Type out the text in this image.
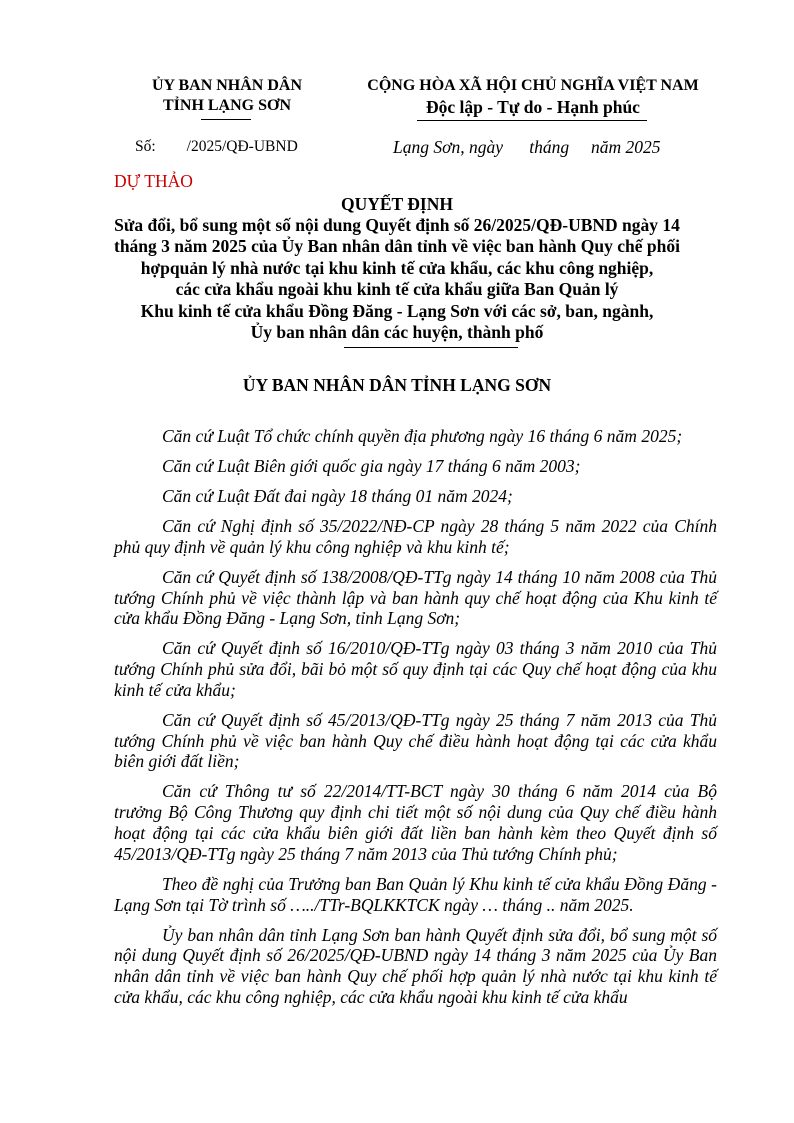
ỦY BAN NHÂN DÂN
TỈNH LẠNG SƠN
CỘNG HÒA XÃ HỘI CHỦ NGHĨA VIỆT NAM
Độc lập - Tự do - Hạnh phúc
Số:        /2025/QĐ-UBND	Lạng Sơn, ngày      tháng     năm 2025
DỰ THẢO
QUYẾT ĐỊNH
Sửa đổi, bổ sung một số nội dung Quyết định số 26/2025/QĐ-UBND ngày 14
tháng 3 năm 2025 của Ủy Ban nhân dân tỉnh về việc ban hành Quy chế phối
hợpquản lý nhà nước tại khu kinh tế cửa khẩu, các khu công nghiệp,
các cửa khẩu ngoài khu kinh tế cửa khẩu giữa Ban Quản lý
Khu kinh tế cửa khẩu Đồng Đăng - Lạng Sơn với các sở, ban, ngành,
Ủy ban nhân dân các huyện, thành phố
ỦY BAN NHÂN DÂN TỈNH LẠNG SƠN

Căn cứ Luật Tổ chức chính quyền địa phương ngày 16 tháng 6 năm 2025;

Căn cứ Luật Biên giới quốc gia ngày 17 tháng 6 năm 2003;

Căn cứ Luật Đất đai ngày 18 tháng 01 năm 2024;

Căn cứ Nghị định số 35/2022/NĐ-CP ngày 28 tháng 5 năm 2022 của Chính phủ quy định về quản lý khu công nghiệp và khu kinh tế;

Căn cứ Quyết định số 138/2008/QĐ-TTg ngày 14 tháng 10 năm 2008 của Thủ tướng Chính phủ về việc thành lập và ban hành quy chế hoạt động của Khu kinh tế cửa khẩu Đồng Đăng - Lạng Sơn, tỉnh Lạng Sơn;

Căn cứ Quyết định số 16/2010/QĐ-TTg ngày 03 tháng 3 năm 2010 của Thủ tướng Chính phủ sửa đổi, bãi bỏ một số quy định tại các Quy chế hoạt động của khu kinh tế cửa khẩu;

Căn cứ Quyết định số 45/2013/QĐ-TTg ngày 25 tháng 7 năm 2013 của Thủ tướng Chính phủ về việc ban hành Quy chế điều hành hoạt động tại các cửa khẩu biên giới đất liền;

Căn cứ Thông tư số 22/2014/TT-BCT ngày 30 tháng 6 năm 2014 của Bộ trưởng Bộ Công Thương quy định chi tiết một số nội dung của Quy chế điều hành hoạt động tại các cửa khẩu biên giới đất liền ban hành kèm theo Quyết định số 45/2013/QĐ-TTg ngày 25 tháng 7 năm 2013 của Thủ tướng Chính phủ;

Theo đề nghị của Trưởng ban Ban Quản lý Khu kinh tế cửa khẩu Đồng Đăng - Lạng Sơn tại Tờ trình số …../TTr-BQLKKTCK ngày … tháng .. năm 2025.

Ủy ban nhân dân tỉnh Lạng Sơn ban hành Quyết định sửa đổi, bổ sung một số nội dung Quyết định số 26/2025/QĐ-UBND ngày 14 tháng 3 năm 2025 của Ủy Ban nhân dân tỉnh về việc ban hành Quy chế phối hợp quản lý nhà nước tại khu kinh tế cửa khẩu, các khu công nghiệp, các cửa khẩu ngoài khu kinh tế cửa khẩu
